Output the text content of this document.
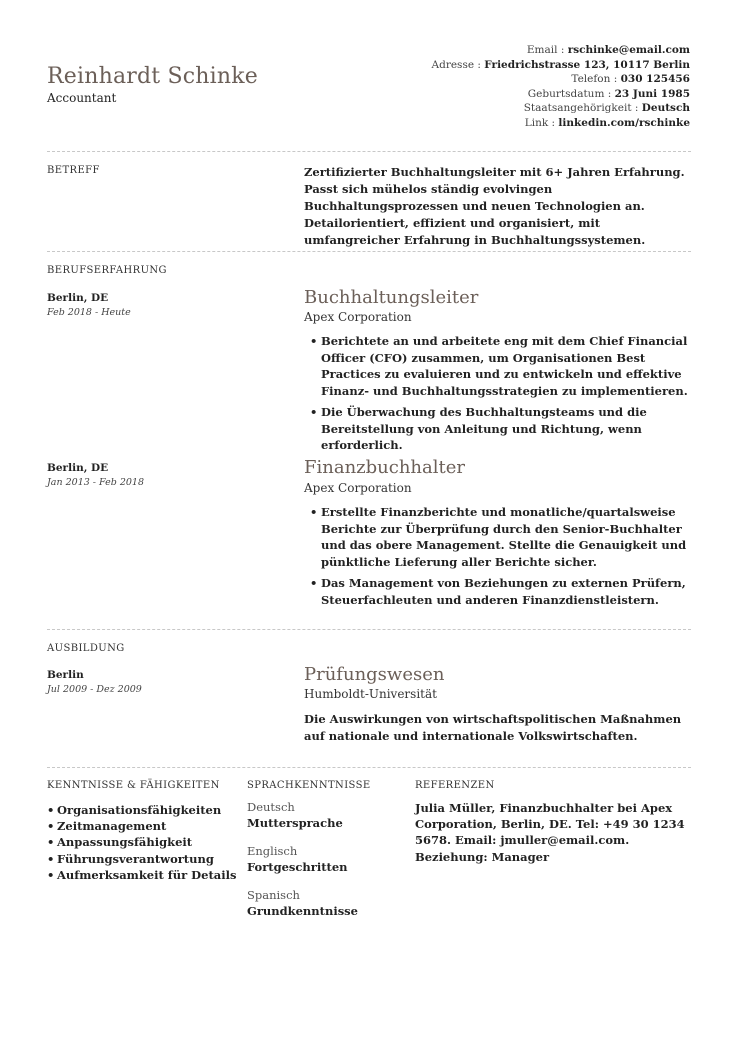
Reinhardt Schinke
Accountant
Email : rschinke@email.com
Adresse : Friedrichstrasse 123, 10117 Berlin
Telefon : 030 125456
Geburtsdatum : 23 Juni 1985
Staatsangehörigkeit : Deutsch
Link : linkedin.com/rschinke
BETREFF	Zertifizierter Buchhaltungsleiter mit 6+ Jahren Erfahrung. Passt sich mühelos ständig evolvingen Buchhaltungsprozessen und neuen Technologien an. Detailorientiert, effizient und organisiert, mit umfangreicher Erfahrung in Buchhaltungssystemen.
BERUFSERFAHRUNG
Berlin, DE
Feb 2018 - Heute
Buchhaltungsleiter
Apex Corporation
• Berichtete an und arbeitete eng mit dem Chief Financial Officer (CFO) zusammen, um Organisationen Best Practices zu evaluieren und zu entwickeln und effektive Finanz- und Buchhaltungsstrategien zu implementieren.
• Die Überwachung des Buchhaltungsteams und die Bereitstellung von Anleitung und Richtung, wenn erforderlich.
Berlin, DE
Jan 2013 - Feb 2018
Finanzbuchhalter
Apex Corporation
• Erstellte Finanzberichte und monatliche/quartalsweise Berichte zur Überprüfung durch den Senior-Buchhalter und das obere Management. Stellte die Genauigkeit und pünktliche Lieferung aller Berichte sicher.
• Das Management von Beziehungen zu externen Prüfern, Steuerfachleuten und anderen Finanzdienstleistern.
AUSBILDUNG
Berlin
Jul 2009 - Dez 2009
Prüfungswesen
Humboldt-Universität
Die Auswirkungen von wirtschaftspolitischen Maßnahmen auf nationale und internationale Volkswirtschaften.
KENNTNISSE & FÄHIGKEITEN
• Organisationsfähigkeiten
• Zeitmanagement
• Anpassungsfähigkeit
• Führungsverantwortung
• Aufmerksamkeit für Details
SPRACHKENNTNISSE
Deutsch
Muttersprache
Englisch
Fortgeschritten
Spanisch
Grundkenntnisse
REFERENZEN
Julia Müller, Finanzbuchhalter bei Apex Corporation, Berlin, DE. Tel: +49 30 1234 5678. Email: jmuller@email.com. Beziehung: Manager
